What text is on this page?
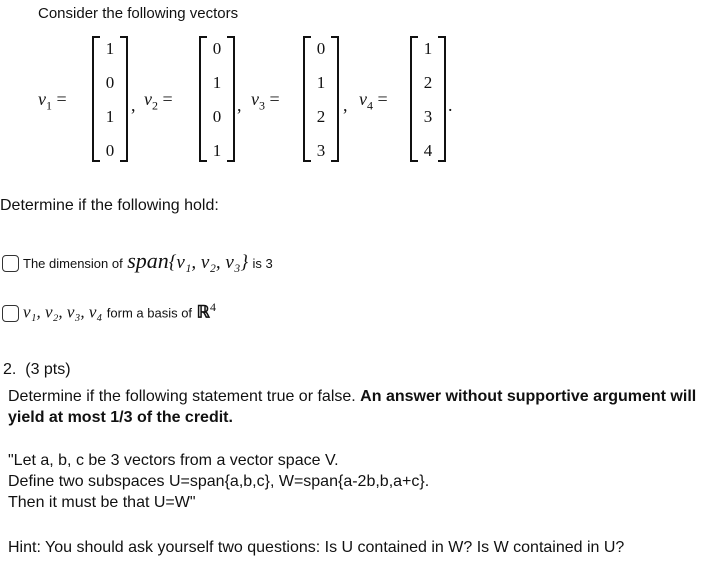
Consider the following vectors
$v_1$ =	$v_2$ =	$v_3$ =	$v_4$ =
1
0
1
0
,
0
1
0
1
,
0
1
2
3
,
1
2
3
4
.
Determine if the following hold:
The dimension of span{v₁, v₂, v₃} is 3
v₁, v₂, v₃, v₄ form a basis of ℝ$^4$
2. (3 pts)
Determine if the following statement true or false. An answer without supportive argument will yield at most 1/3 of the credit.
"Let a, b, c be 3 vectors from a vector space V.
Define two subspaces U=span{a,b,c}, W=span{a-2b,b,a+c}.
Then it must be that U=W"
Hint: You should ask yourself two questions: Is U contained in W? Is W contained in U?
